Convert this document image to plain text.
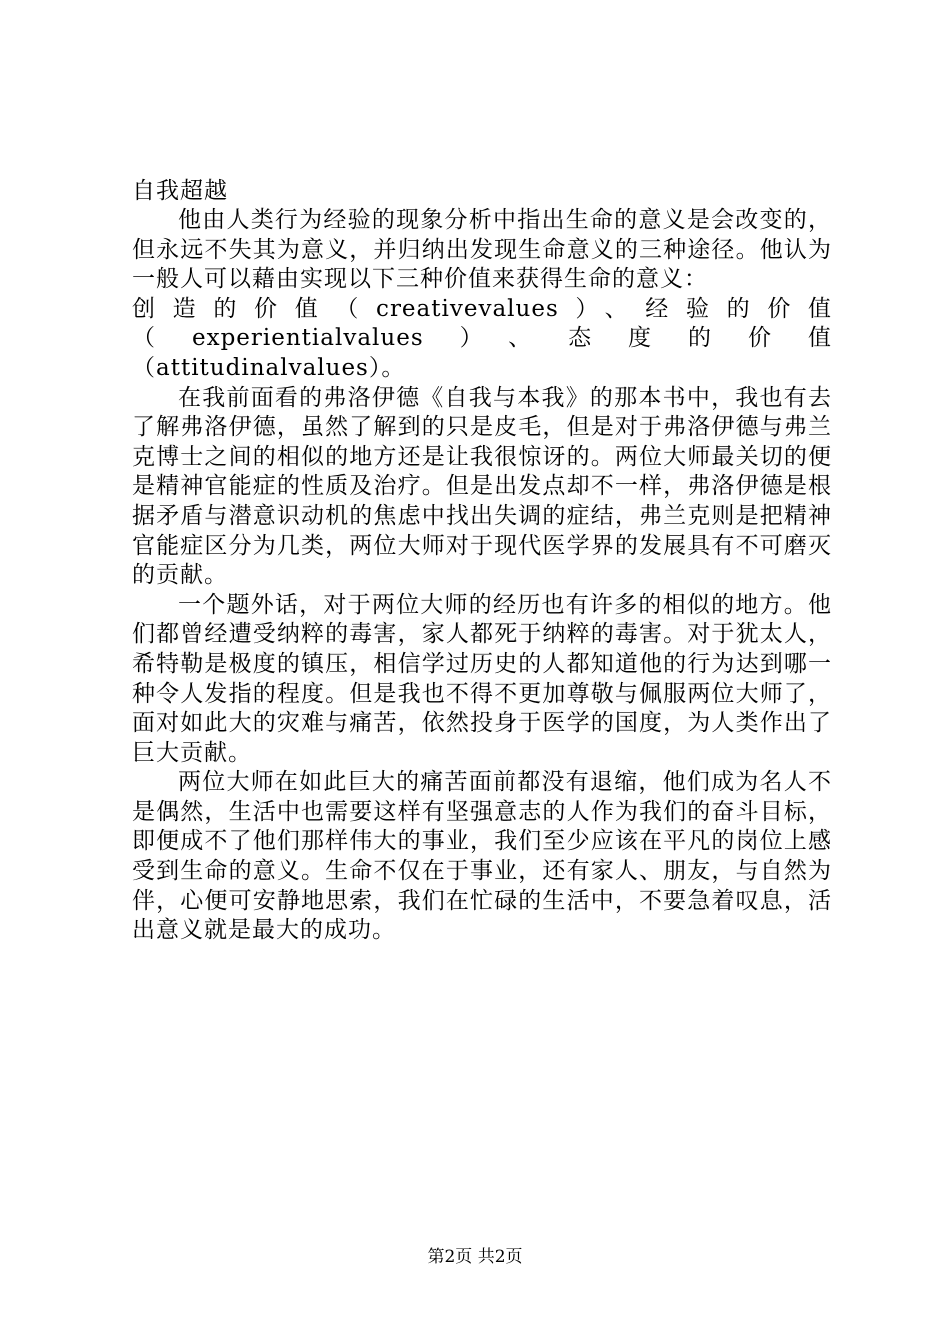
自我超越

他由人类行为经验的现象分析中指出生命的意义是会改变的，但永远不失其为意义，并归纳出发现生命意义的三种途径。他认为一般人可以藉由实现以下三种价值来获得生命的意义：

创造的价值（creativevalues）、经验的价值
（experientialvalues）、态度的价值
（attitudinalvalues）。

在我前面看的弗洛伊德《自我与本我》的那本书中，我也有去了解弗洛伊德，虽然了解到的只是皮毛，但是对于弗洛伊德与弗兰克博士之间的相似的地方还是让我很惊讶的。两位大师最关切的便是精神官能症的性质及治疗。但是出发点却不一样，弗洛伊德是根据矛盾与潜意识动机的焦虑中找出失调的症结，弗兰克则是把精神官能症区分为几类，两位大师对于现代医学界的发展具有不可磨灭的贡献。

一个题外话，对于两位大师的经历也有许多的相似的地方。他们都曾经遭受纳粹的毒害，家人都死于纳粹的毒害。对于犹太人，希特勒是极度的镇压，相信学过历史的人都知道他的行为达到哪一种令人发指的程度。但是我也不得不更加尊敬与佩服两位大师了，面对如此大的灾难与痛苦，依然投身于医学的国度，为人类作出了巨大贡献。

两位大师在如此巨大的痛苦面前都没有退缩，他们成为名人不是偶然，生活中也需要这样有坚强意志的人作为我们的奋斗目标，即便成不了他们那样伟大的事业，我们至少应该在平凡的岗位上感受到生命的意义。生命不仅在于事业，还有家人、朋友，与自然为伴，心便可安静地思索，我们在忙碌的生活中，不要急着叹息，活出意义就是最大的成功。

第2页 共2页
